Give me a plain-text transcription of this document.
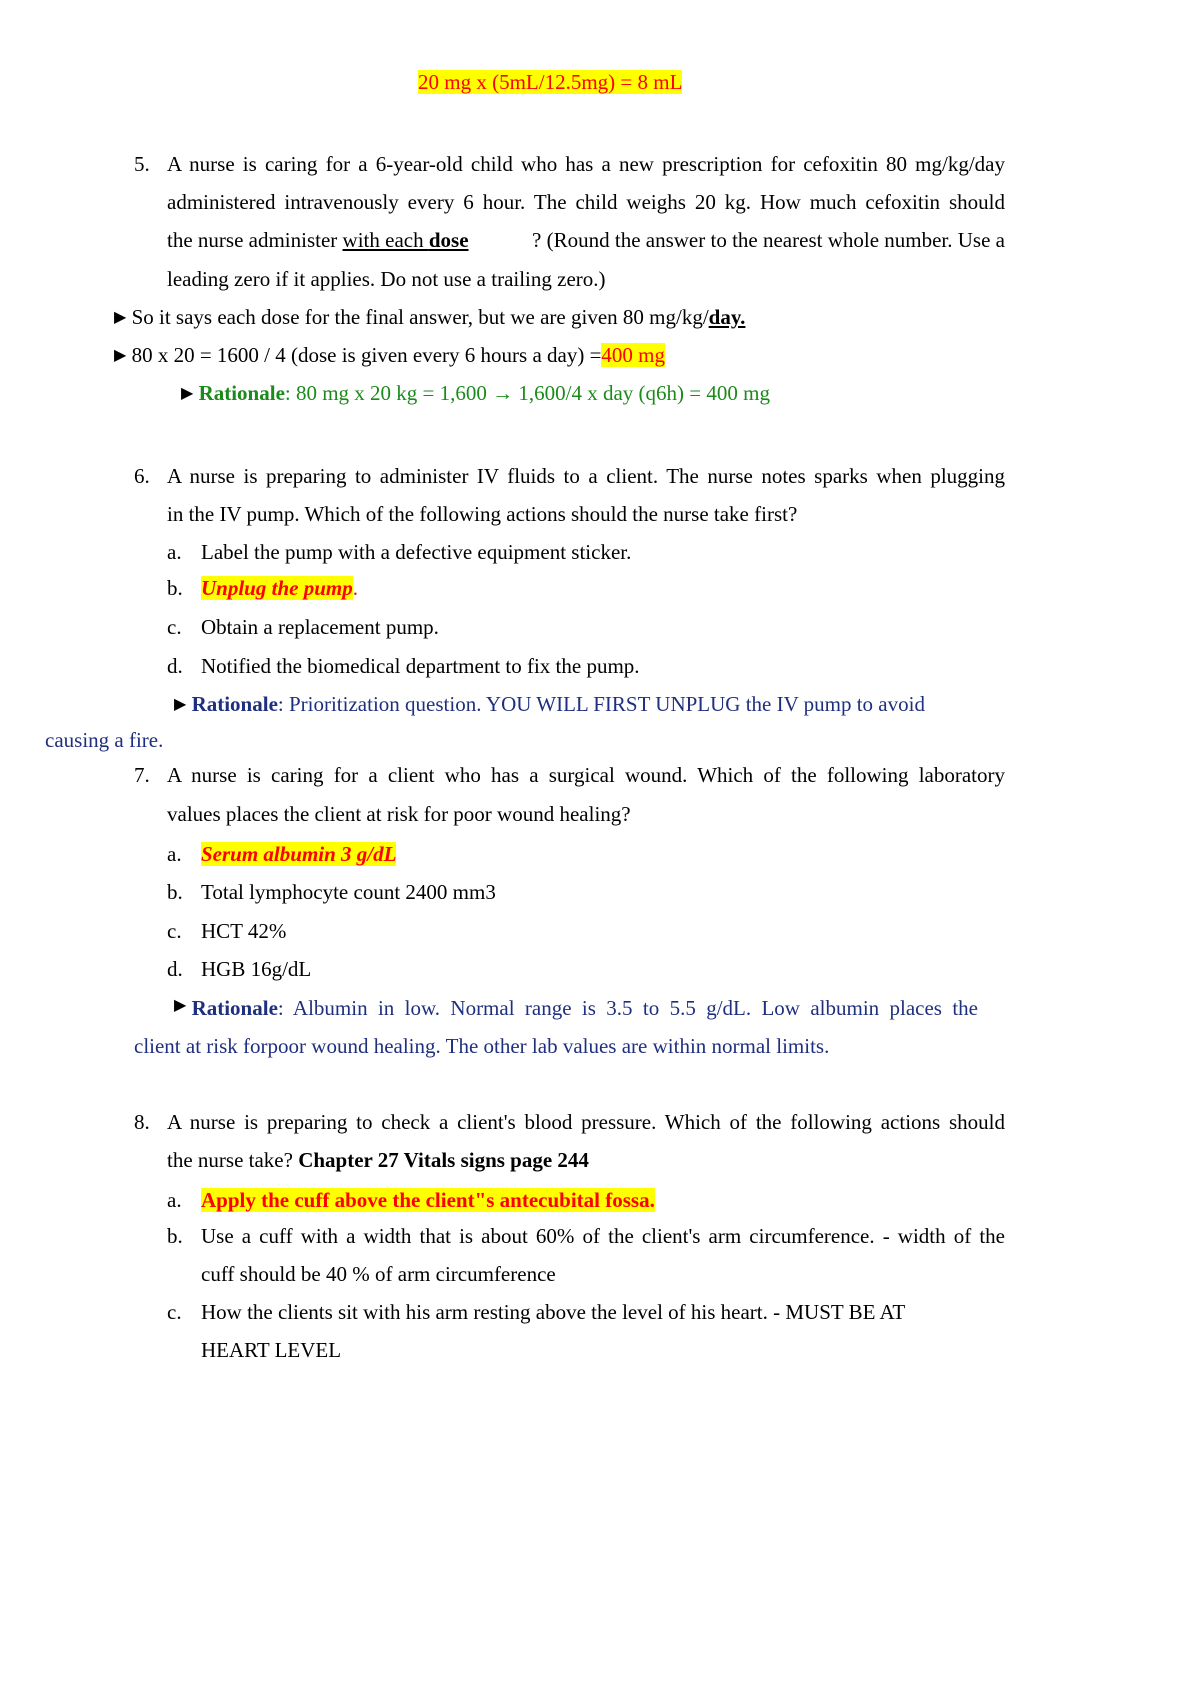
20 mg x (5mL/12.5mg) = 8 mL
5. A nurse is caring for a 6-year-old child who has a new prescription for cefoxitin 80 mg/kg/day
administered intravenously every 6 hour. The child weighs 20 kg. How much cefoxitin should
the nurse administer with each dose	? (Round the answer to the nearest whole number. Use a
leading zero if it applies. Do not use a trailing zero.)
▶ So it says each dose for the final answer, but we are given 80 mg/kg/day.
▶ 80 x 20 = 1600 / 4 (dose is given every 6 hours a day) =400 mg
▶ Rationale: 80 mg x 20 kg = 1,600 → 1,600/4 x day (q6h) = 400 mg
6. A nurse is preparing to administer IV fluids to a client. The nurse notes sparks when plugging
in the IV pump. Which of the following actions should the nurse take first?
a. Label the pump with a defective equipment sticker.
b. Unplug the pump.
c. Obtain a replacement pump.
d. Notified the biomedical department to fix the pump.
▶ Rationale: Prioritization question. YOU WILL FIRST UNPLUG the IV pump to avoid
causing a fire.
7. A nurse is caring for a client who has a surgical wound. Which of the following laboratory
values places the client at risk for poor wound healing?
a. Serum albumin 3 g/dL
b. Total lymphocyte count 2400 mm3
c. HCT 42%
d. HGB 16g/dL
▶
Rationale : Albumin in low. Normal range is 3.5 to 5.5 g/dL. Low albumin places the
client at risk forpoor wound healing. The other lab values are within normal limits.
8. A nurse is preparing to check a client's blood pressure. Which of the following actions should
the nurse take? Chapter 27 Vitals signs page 244
a. Apply the cuff above the client"s antecubital fossa.
b. Use a cuff with a width that is about 60% of the client's arm circumference. - width of the
cuff should be 40 % of arm circumference
c. How the clients sit with his arm resting above the level of his heart. - MUST BE AT
HEART LEVEL
